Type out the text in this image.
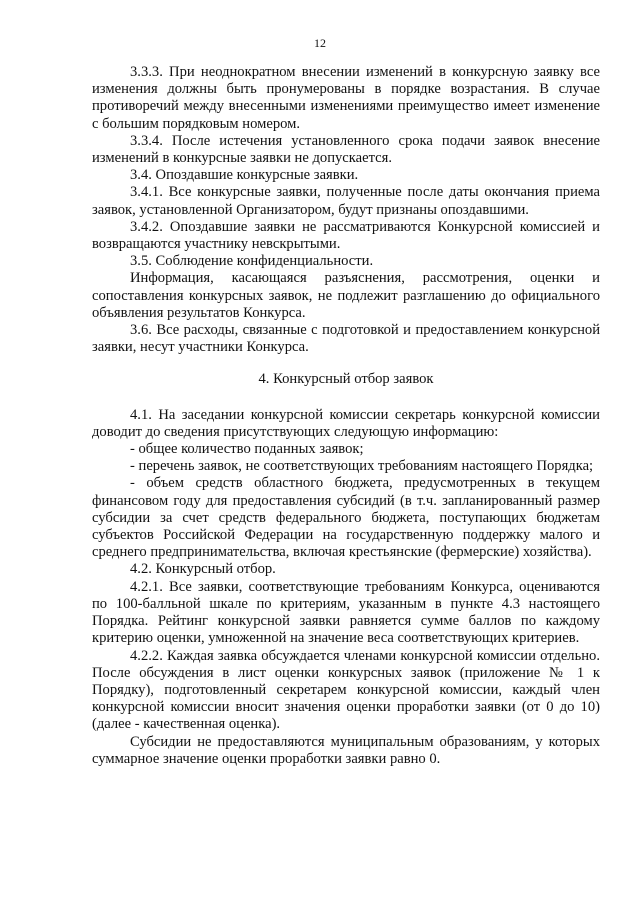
12

3.3.3. При неоднократном внесении изменений в конкурсную заявку все изменения должны быть пронумерованы в порядке возрастания. В случае противоречий между внесенными изменениями преимущество имеет изменение с большим порядковым номером.

3.3.4. После истечения установленного срока подачи заявок внесение изменений в конкурсные заявки не допускается.

3.4. Опоздавшие конкурсные заявки.

3.4.1. Все конкурсные заявки, полученные после даты окончания приема заявок, установленной Организатором, будут признаны опоздавшими.

3.4.2. Опоздавшие заявки не рассматриваются Конкурсной комиссией и возвращаются участнику невскрытыми.

3.5. Соблюдение конфиденциальности.

Информация, касающаяся разъяснения, рассмотрения, оценки и сопоставления конкурсных заявок, не подлежит разглашению до официального объявления результатов Конкурса.

3.6. Все расходы, связанные с подготовкой и предоставлением конкурсной заявки, несут участники Конкурса.

4. Конкурсный отбор заявок

4.1. На заседании конкурсной комиссии секретарь конкурсной комиссии доводит до сведения присутствующих следующую информацию:

- общее количество поданных заявок;

- перечень заявок, не соответствующих требованиям настоящего Порядка;

- объем средств областного бюджета, предусмотренных в текущем финансовом году для предоставления субсидий (в т.ч. запланированный размер субсидии за счет средств федерального бюджета, поступающих бюджетам субъектов Российской Федерации на государственную поддержку малого и среднего предпринимательства, включая крестьянские (фермерские) хозяйства).

4.2. Конкурсный отбор.

4.2.1. Все заявки, соответствующие требованиям Конкурса, оцениваются по 100-балльной шкале по критериям, указанным в пункте 4.3 настоящего Порядка. Рейтинг конкурсной заявки равняется сумме баллов по каждому критерию оценки, умноженной на значение веса соответствующих критериев.

4.2.2. Каждая заявка обсуждается членами конкурсной комиссии отдельно. После обсуждения в лист оценки конкурсных заявок (приложение № 1 к Порядку), подготовленный секретарем конкурсной комиссии, каждый член конкурсной комиссии вносит значения оценки проработки заявки (от 0 до 10) (далее - качественная оценка).

Субсидии не предоставляются муниципальным образованиям, у которых суммарное значение оценки проработки заявки равно 0.
